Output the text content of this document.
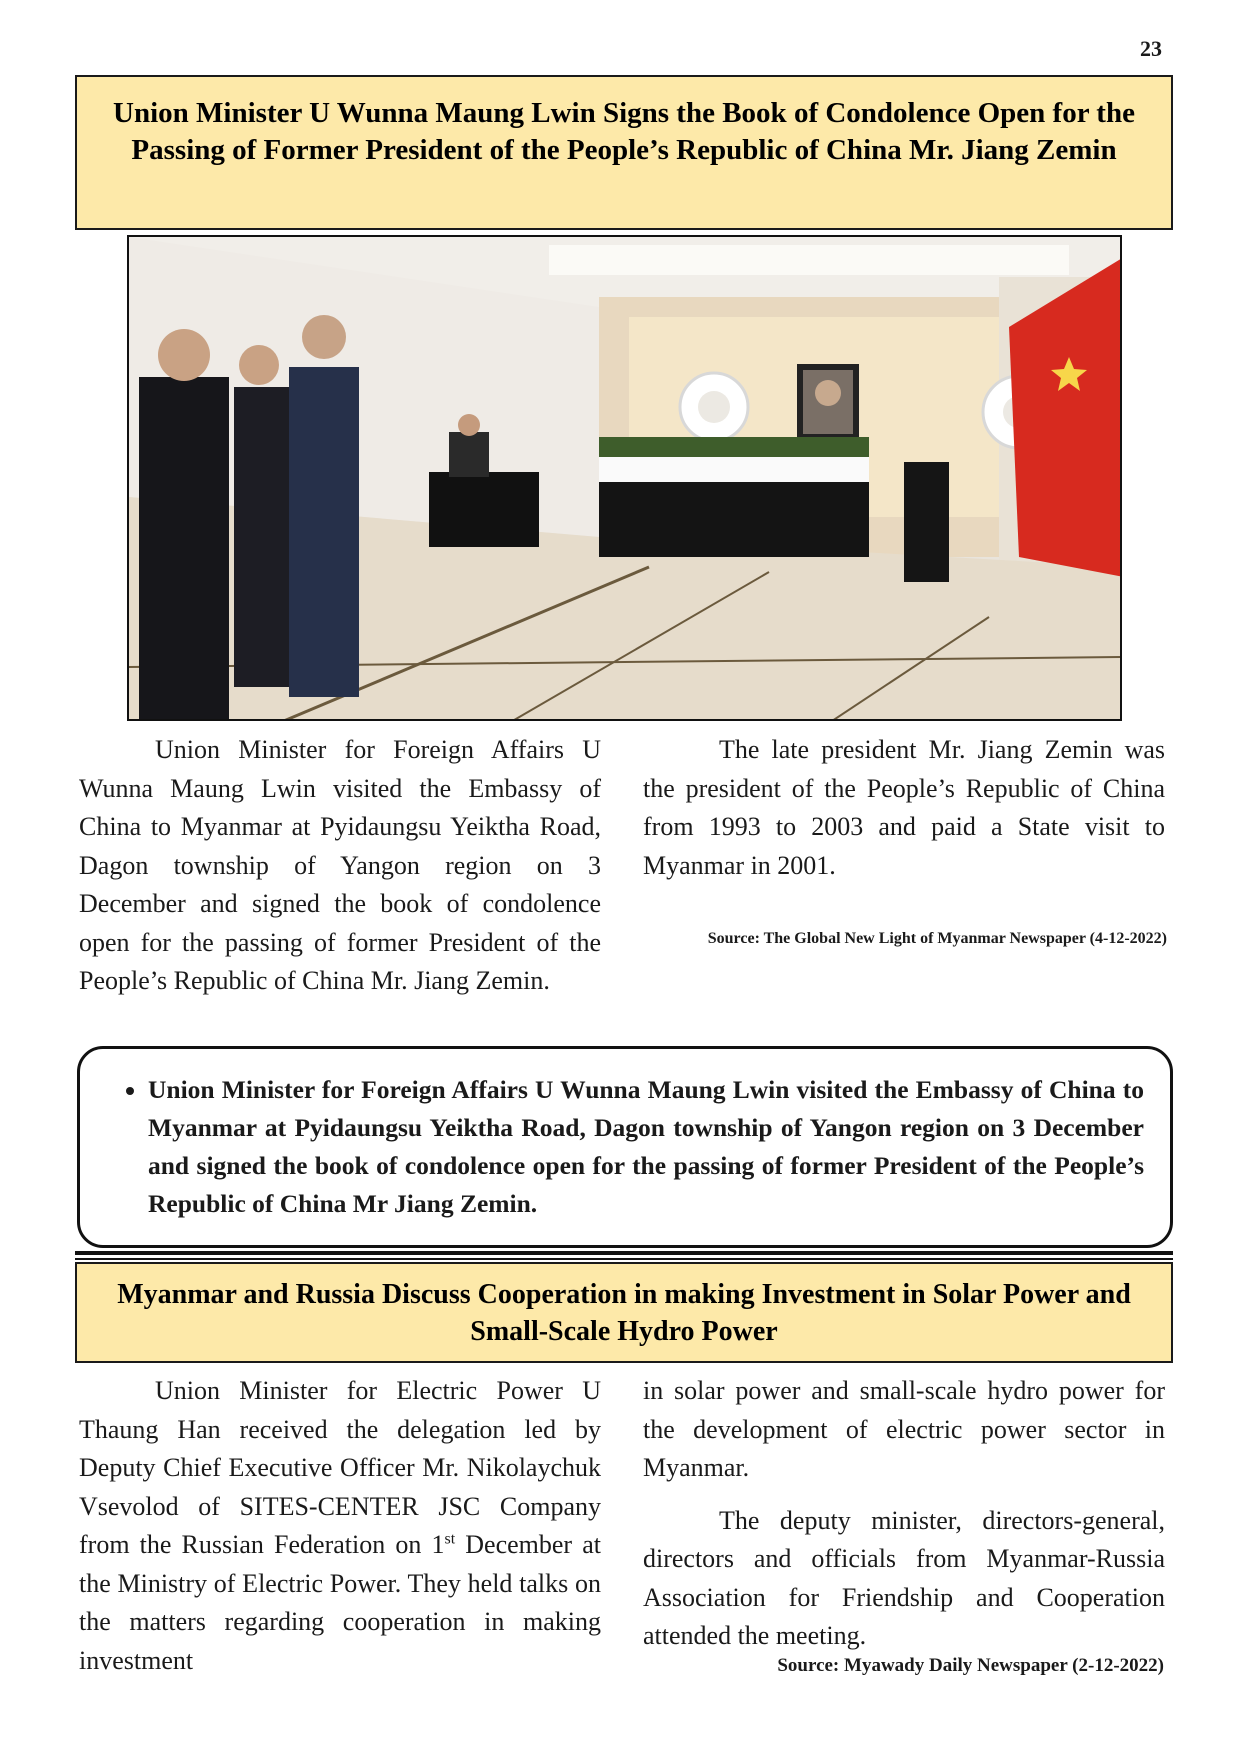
23
Union Minister U Wunna Maung Lwin Signs the Book of Condolence Open for the Passing of Former President of the People’s Republic of China Mr. Jiang Zemin

Union Minister for Foreign Affairs U Wunna Maung Lwin visited the Embassy of China to Myanmar at Pyidaungsu Yeiktha Road, Dagon township of Yangon region on 3 December and signed the book of condolence open for the passing of former President of the People’s Republic of China Mr. Jiang Zemin.

The late president Mr. Jiang Zemin was the president of the People’s Republic of China from 1993 to 2003 and paid a State visit to Myanmar in 2001.

Source: The Global New Light of Myanmar Newspaper (4-12-2022)
• Union Minister for Foreign Affairs U Wunna Maung Lwin visited the Embassy of China to Myanmar at Pyidaungsu Yeiktha Road, Dagon township of Yangon region on 3 December and signed the book of condolence open for the passing of former President of the People’s Republic of China Mr Jiang Zemin.
Myanmar and Russia Discuss Cooperation in making Investment in Solar Power and Small-Scale Hydro Power

Union Minister for Electric Power U Thaung Han received the delegation led by Deputy Chief Executive Officer Mr. Nikolaychuk Vsevolod of SITES-CENTER JSC Company from the Russian Federation on 1st December at the Ministry of Electric Power. They held talks on the matters regarding cooperation in making investment

in solar power and small-scale hydro power for the development of electric power sector in Myanmar.

The deputy minister, directors-general, directors and officials from Myanmar-Russia Association for Friendship and Cooperation attended the meeting.

Source: Myawady Daily Newspaper (2-12-2022)
